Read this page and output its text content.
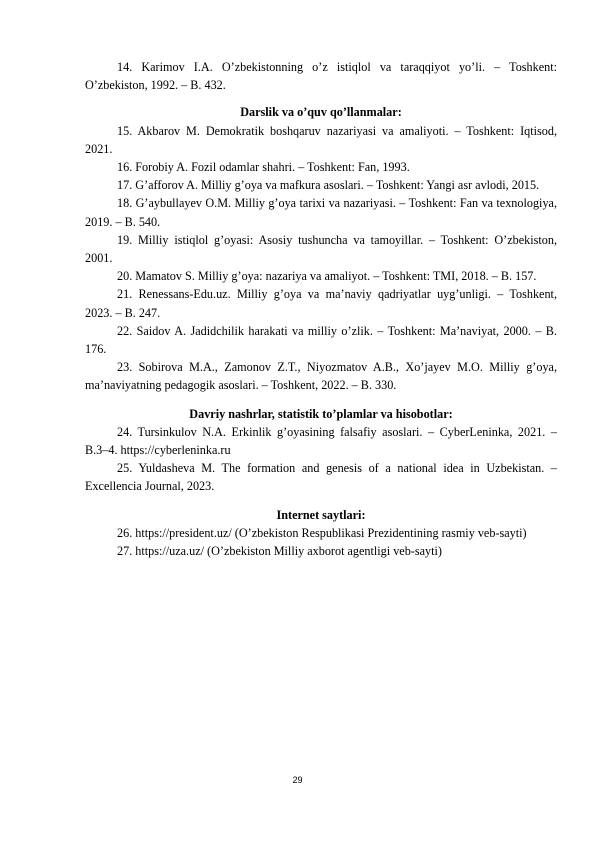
14. Karimov I.A. O’zbekistonning o’z istiqlol va taraqqiyot yo’li. – Toshkent: O’zbekiston, 1992. – B. 432.

Darslik va o’quv qo’llanmalar:

15. Akbarov M. Demokratik boshqaruv nazariyasi va amaliyoti. – Toshkent: Iqtisod, 2021.

16. Forobiy A. Fozil odamlar shahri. – Toshkent: Fan, 1993.

17. G’afforov A. Milliy g’oya va mafkura asoslari. – Toshkent: Yangi asr avlodi, 2015.

18. G’aybullayev O.M. Milliy g’oya tarixi va nazariyasi. – Toshkent: Fan va texnologiya, 2019. – B. 540.

19. Milliy istiqlol g’oyasi: Asosiy tushuncha va tamoyillar. – Toshkent: O’zbekiston, 2001.

20. Mamatov S. Milliy g’oya: nazariya va amaliyot. – Toshkent: TMI, 2018. – B. 157.

21. Renessans-Edu.uz. Milliy g’oya va ma’naviy qadriyatlar uyg’unligi. – Toshkent, 2023. – B. 247.

22. Saidov A. Jadidchilik harakati va milliy o’zlik. – Toshkent: Ma’naviyat, 2000. – B. 176.

23. Sobirova M.A., Zamonov Z.T., Niyozmatov A.B., Xo’jayev M.O. Milliy g’oya, ma’naviyatning pedagogik asoslari. – Toshkent, 2022. – B. 330.

Davriy nashrlar, statistik to’plamlar va hisobotlar:

24. Tursinkulov N.A. Erkinlik g’oyasining falsafiy asoslari. – CyberLeninka, 2021. – B.3–4. https://cyberleninka.ru

25. Yuldasheva M. The formation and genesis of a national idea in Uzbekistan. – Excellencia Journal, 2023.

Internet saytlari:

26. https://president.uz/ (O’zbekiston Respublikasi Prezidentining rasmiy veb-sayti)

27. https://uza.uz/ (O’zbekiston Milliy axborot agentligi veb-sayti)

29
